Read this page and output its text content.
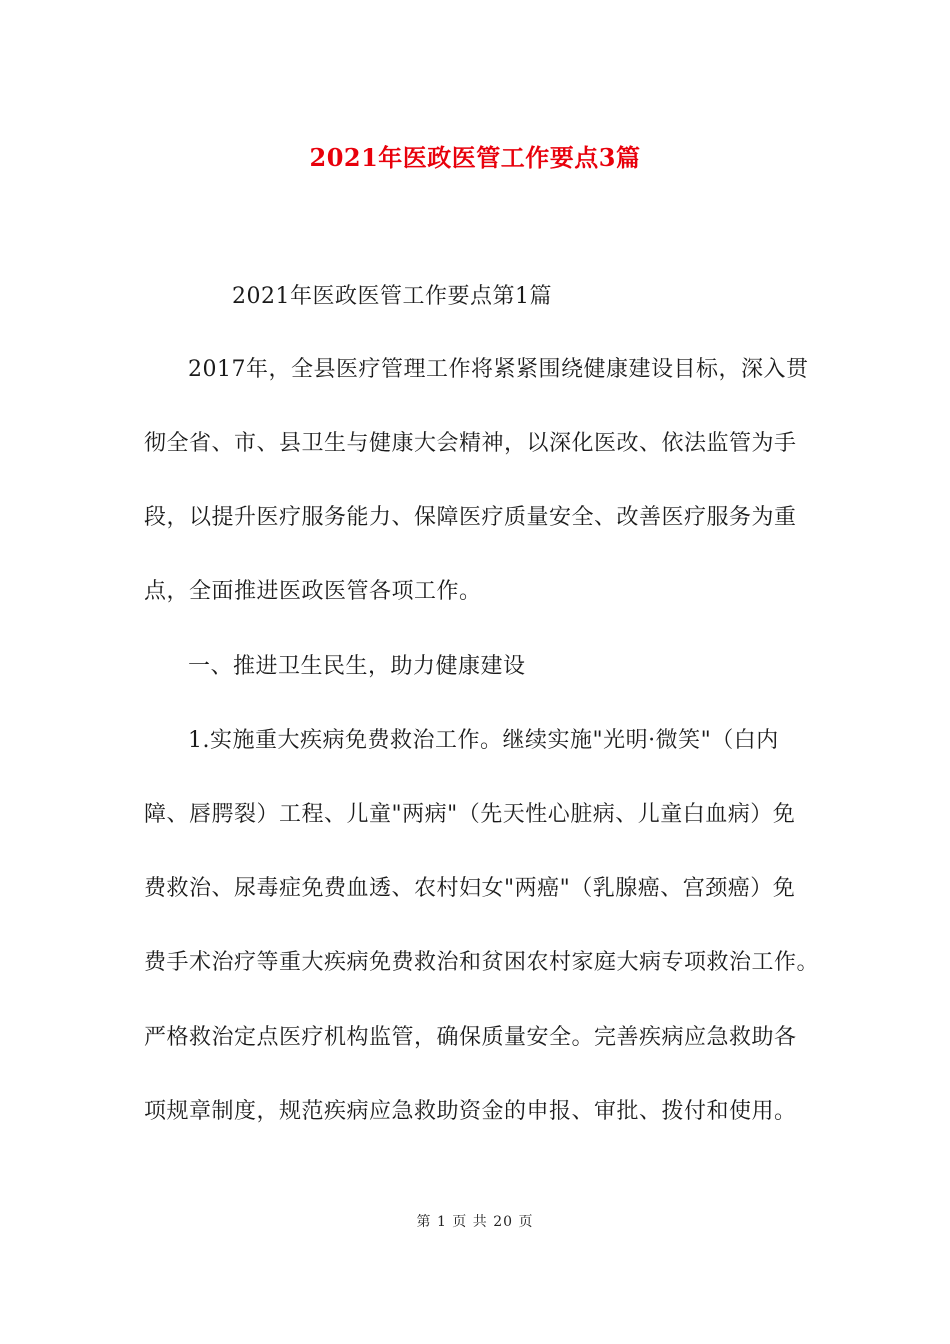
2021年医政医管工作要点3篇
2021年医政医管工作要点第1篇
2017年，全县医疗管理工作将紧紧围绕健康建设目标，深入贯
彻全省、市、县卫生与健康大会精神，以深化医改、依法监管为手
段，以提升医疗服务能力、保障医疗质量安全、改善医疗服务为重
点，全面推进医政医管各项工作。
一、推进卫生民生，助力健康建设
1.实施重大疾病免费救治工作。继续实施"光明·微笑"（白内
障、唇腭裂）工程、儿童"两病"（先天性心脏病、儿童白血病）免
费救治、尿毒症免费血透、农村妇女"两癌"（乳腺癌、宫颈癌）免
费手术治疗等重大疾病免费救治和贫困农村家庭大病专项救治工作。
严格救治定点医疗机构监管，确保质量安全。完善疾病应急救助各
项规章制度，规范疾病应急救助资金的申报、审批、拨付和使用。
第 1 页 共 20 页
